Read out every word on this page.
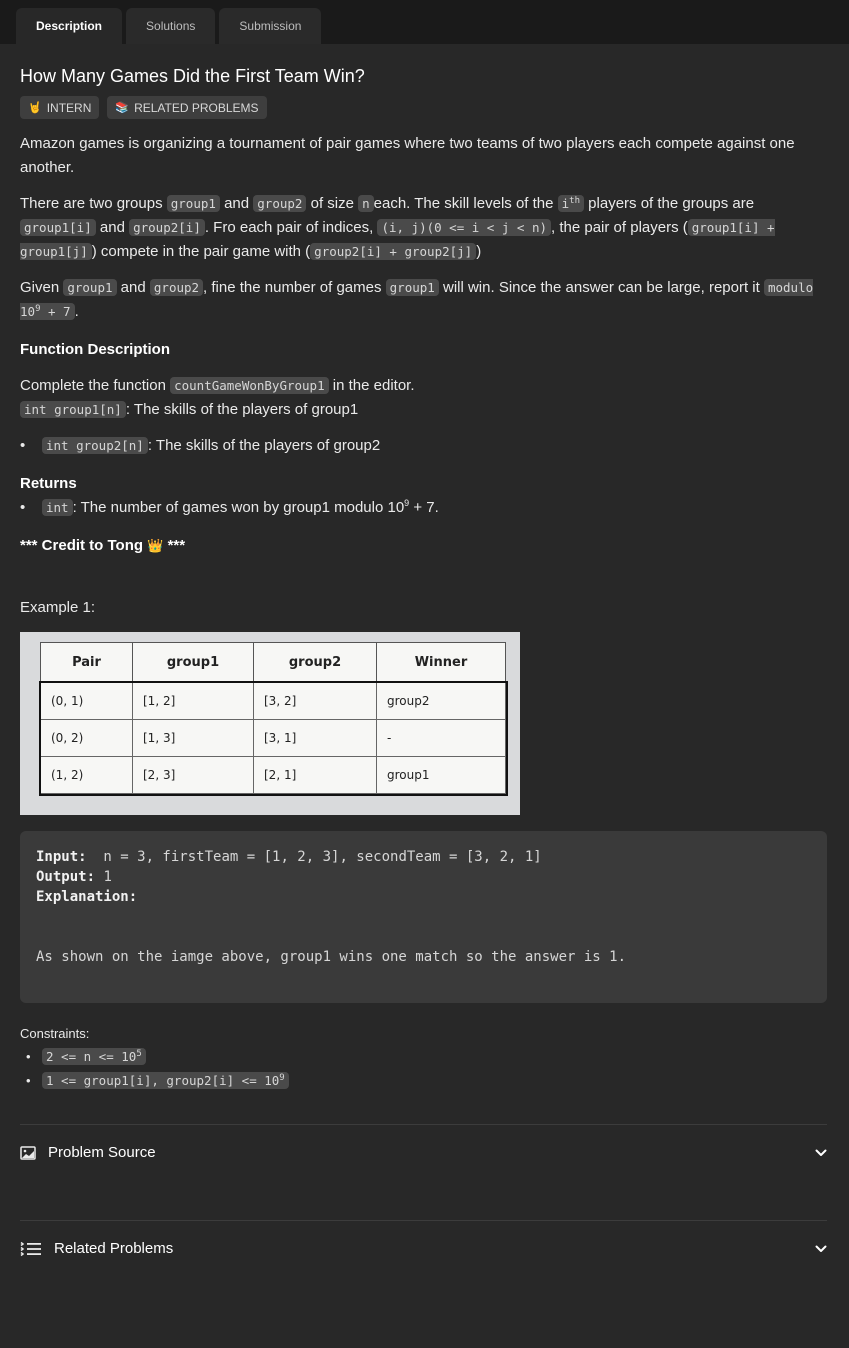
Description	Solutions	Submission
How Many Games Did the First Team Win?
🤘 INTERN 📚 RELATED PROBLEMS

Amazon games is organizing a tournament of pair games where two teams of two players each compete against one another.

There are two groups group1 and group2 of size n each. The skill levels of the $i^{th}$ players of the groups are group1[i] and group2[i] . Fro each pair of indices, (i, j)(0 <= i < j < n) , the pair of players ( group1[i] + group1[j] ) compete in the pair game with ( group2[i] + group2[j] )

Given group1 and group2 , fine the number of games group1 will win. Since the answer can be large, report it modulo $10^9 + 7$ .

Function Description

Complete the function countGameWonByGroup1 in the editor.

int group1[n] : The skills of the players of group1

• int group2[n] : The skills of the players of group2
Returns
• int : The number of games won by group1 modulo $10^9 + 7$.
*** Credit to Tong 👑 ***
Example 1:
Pair	group1	group2	Winner
(0, 1)	[1, 2]	[3, 2]	group2
(0, 2)	[1, 3]	[3, 1]	-
(1, 2)	[2, 3]	[2, 1]	group1
Input:  n = 3, firstTeam = [1, 2, 3], secondTeam = [3, 2, 1]
Output: 1
Explanation:
As shown on the iamge above, group1 wins one match so the answer is 1.
Constraints:
• $2 <= n <= 10^5$
• 1 <= group1[i], group2[i] <= $10^9$
Problem Source
Related Problems
